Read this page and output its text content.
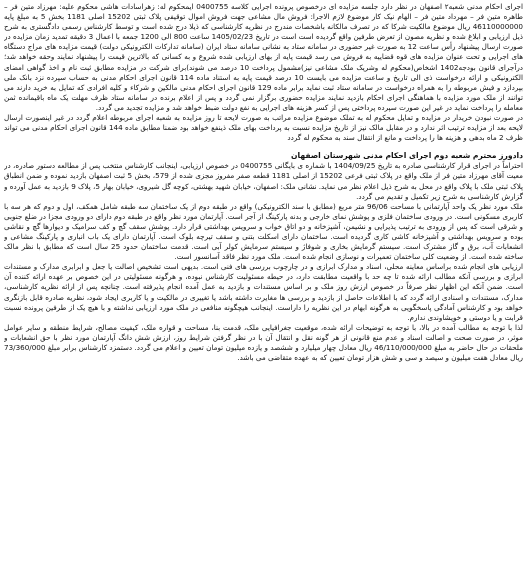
اجرای احکام مدنی شعبه۲ اصفهان در نظر دارد جلسه مزایده ای درخصوص پرونده اجرایی کلاسه 0400755 ایمحکوم له: زهراسادات هاشی محکوم علیه: مهرزاد متین فر – طاهره متین فر – مهرداد متین فر – الهام نیک کار موضوع لازم الاجرا: فروش مال مشاعی جهت فروش اموال توقیفی پلاک ثبتی 15202 اصلی 1181 بخش 5 به مبلغ پایه 46110000000 ریال موضوع مالکیت شرکا که در تصرف مالکانه باشخصات مندرج در نظریه کارشناسی که ذیلا درج شده است و توسط کارشناس رسمی دادگستری به شرح ذیل ارزیابی و ابلاغ شده و نظریه مصون از تعرض طرفین واقع گردیده است است در تاریخ 1405/02/23 ساعت 800 الی 1200 جمعه با اعمال 3 دقیقه تمدید زمان مزایده در صورت ارسال پیشنهاد رأس ساعت 12 به صورت غیر حضوری در سامانه ستاد به نشانی سامانه ستاد ایران (سامانه تدارکات الکترونیکی دولت) قیمت مزایده های مراج دستگاه های اجرایی و تحت عنوان مزایده های قوه قضاییه به فروش می رسد قیمت پایه از بهای ارزیابی شده شروع و به کسانی که بالاترین قیمت را پیشنهاد نمایند وحقه خواهد شد؛درآجرای قانون بودجه1402 اشخاص(محکوم له وشریک ملک مشاعی نیز)مشمول پرداخت 10 درصد می شوند)برای شرکت در مزایده مطابق ثبت نام و اخذ گواهی امضای الکترونیکی و ارائه درخواست ذی الی تاریخ و ساعت مزایده می بایست 10 درصد قیمت پایه به استناد ماده 114 قانون اجرای احکام مدنی به حساب سپرده نزد بانک ملی بپردازد و فیش مربوطه را به همراه درخواست در سامانه ستاد ثبت نماید برابر ماده 129 قانون اجرای احکام مدنی مالکین و شرکاء و کلیه افرادی که تمایل به خرید دارند می توانند از ملک مورد مزایده با هماهنگی اجرای احکام بازدید نمایند مزایده حضوری برگزار نمی گردد و پس از اعلام برنده در سامانه ستاد ظرف مهلت یک ماه باقیمانده ثمن معامله را پرداخت نماید در غیر این صورت سپرده پرداختی پس از کسر هزینه های اجرایی به نفع دولت ضبط خواهد شد و مزایده تجدید می گردد.

در صورت نبودن خریدار در مزایده و تمایل محکوم له به تملک موضوع مزایده مراتب به صورت لایحه تا روز مزایده به شعبه اجرای مربوطه اعلام گردد در غیر اینصورت ارسال لایحه بعد از مزایده ترتیب اثر ندارد و در مقابل مالک نیز از تاریخ مزایده نسبت به پرداخت بهای ملک ذینفع خواهد بود ضمنا مطابق ماده 144 قانون اجرای احکام مدنی می تواند ظرف 2 ماه بدهی و هزینه ها را پرداخت و مانع از انتقال سند به محکوم له گردد

دادورز محترم شعبه دوم اجرای احکام مدنی شهرستان اصفهان

احتراماً در اجرای قرار کارشناسی صادره به تاریخ 1404/09/25 با شماره ی بایگانی 0400755 در خصوص ارزیابی، اینجانب کارشناس منتخب پس از مطالعه دستور صادره، در معیت آقای مهرزاد متین فر از ملک واقع در پلاک ثبتی فرعی 15202 از اصلی 1181 قطعه صفر مفروز مجزی شده از 579، بخش 5 ثبت اصفهان بازدید نموده و ضمن انطباق پلاک ثبتی ملک با پلاک واقع در محل به شرح ذیل اعلام نظر می نماید. نشانی ملک: اصفهان، خیابان شهید بهشتی، کوچه گل شیروی، خیابان بهار 5، پلاک 9 بازدید به عمل آورده و گزارش کارشناسی به شرح زیر تکمیل و تقدیم می گردد.

ملک مورد نظر یک واحد آپارتمانی با مساحت 96/06 متر مربع (مطابق با سند الکترونیکی) واقع در طبقه دوم از یک ساختمان سه طبقه شامل همکف، اول و دوم که هر سه با کاربری مسکونی است. در ورودی ساختمان فلزی و پوشش نمای خارجی و بدنه پارکینگ از آجر است. آپارتمان مورد نظر واقع در طبقه دوم دارای دو ورودی مجزا در ضلع جنوبی و شرقی است که پس از ورودی به ترتیب پذیرایی و نشیمن، آشپزخانه و دو اتاق خواب و سرویس بهداشتی قرار دارد. پوشش سقف گچ و کف سرامیک و دیوارها گچ و نقاشی بوده و سرویس بهداشتی و آشپزخانه کاشی کاری گردیده است. ساختمان دارای اسکلت بتنی و سقف تیرچه بلوک است. آپارتمان دارای یک باب انباری و پارکینگ مشاعی و انشعابات آب، برق و گاز مشترک است. سیستم گرمایش بخاری و شوفاژ و سیستم سرمایش کولر آبی است. قدمت ساختمان حدود 25 سال است که مطابق با نظر مالک ساخته شده است. از وضعیت کلی ساختمان تعمیرات و نوسازی انجام شده است. ملک مورد نظر فاقد آسانسور است.

ارزیابی های انجام شده براساس معاینه محلی، اسناد و مدارک ابرازی و در چارچوب بررسی های فنی است. بدیهی است تشخیص اصالت یا جعل و ابرابری مدارک و مستندات ابرازی و بررسی آنکه مطالب ارائه شده تا چه حد با واقعیت مطابقت دارد، در حیطه مسئولیت کارشناس نبوده، و هرگونه مسئولیتی در این خصوص بر عهده ارائه کننده آن است. ضمن آنکه این اظهار نظر صرفاً در خصوص ارزش روز ملک و بر اساس مستندات و بازدید به عمل آمده انجام پذیرفته است. چنانچه پس از ارائه نظریه کارشناسی، مدارک، مستندات و اسنادی ارائه گردد که با اطلاعات حاصل از بازدید و بررسی ها مغایرت داشته باشد یا تغییری در مالکیت و یا کاربری ایجاد شود، نظریه صادره قابل بازنگری خواهد بود و کارشناس آمادگی پاسخگویی به هرگونه ابهام در این نظریه را داراست. اینجانب هیچگونه منافعی در ملک مورد ارزیابی نداشته و با هیچ یک از طرفین پرونده نسبت قرابت و یا دوستی و خویشاوندی ندارم.

لذا با توجه به مطالب آمده در بالا، با توجه به توضیحات ارائه شده، موقعیت جغرافیایی ملک، قدمت بنا، مساحت و قواره ملک، کیفیت مصالح، شرایط منطقه و سایر عوامل موثر، در صورت صحت و اصالت اسناد و عدم منع قانونی از هر گونه نقل و انتقال آن با در نظر گرفتن شرایط روز، ارزش شش دانگ آپارتمان مورد نظر با حق انشعابات و ملحقات در حال حاضر به مبلغ 46/110/000/000 ریال معادل چهار میلیارد و ششصد و یازده میلیون تومان تعیین و اعلام می گردد. دستمزد کارشناس برابر مبلغ 73/360/000 ریال معادل هفت میلیون و سیصد و سی و شش هزار تومان تعیین که به عهده متقاضی می باشد.
